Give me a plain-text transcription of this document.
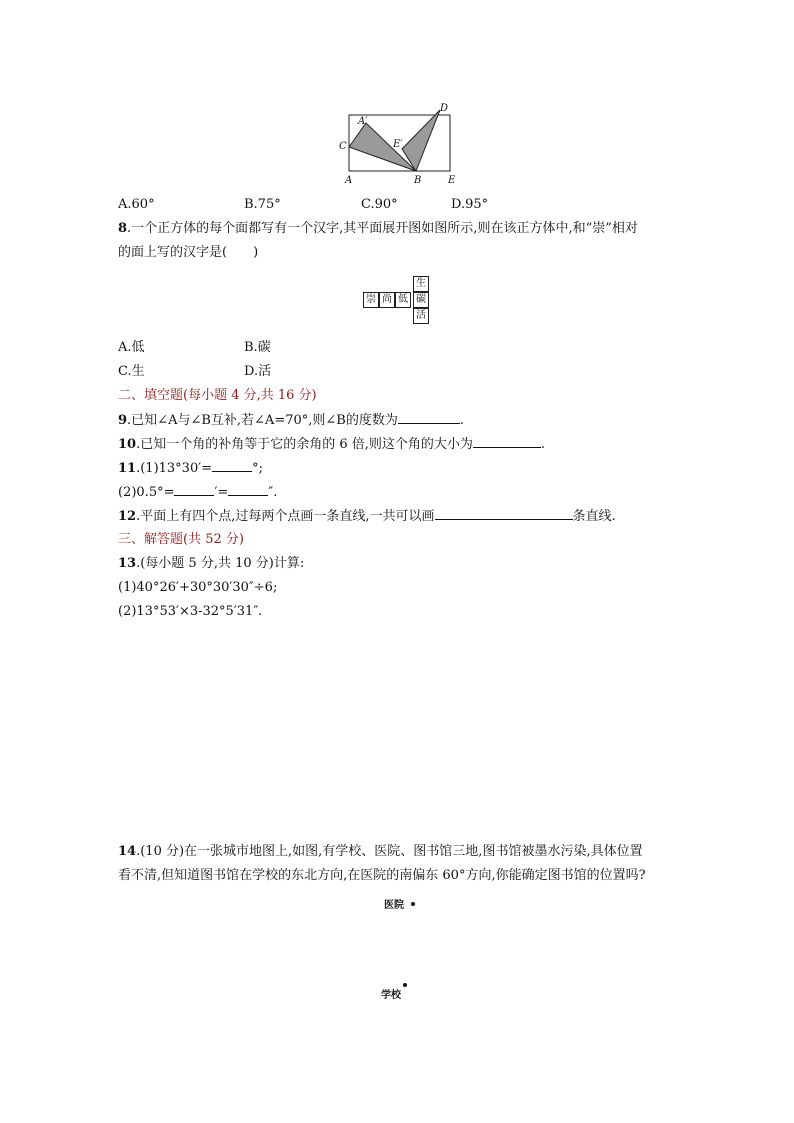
A′
C	E′
D
A	B	E
A.60°	B.75°	C.90°	D.95°
8.一个正方体的每个面都写有一个汉字,其平面展开图如图所示,则在该正方体中,和“崇”相对
的面上写的汉字是(　　)
崇 尚 低
生
碳
活
A.低	B.碳
C.生	D.活
二、填空题(每小题 4 分,共 16 分)
9.已知∠A与∠B互补,若∠A=70°,则∠B的度数为	.
10.已知一个角的补角等于它的余角的 6 倍,则这个角的大小为	.
11.(1)13°30′=	°;
(2)0.5°=	′=	″.
12.平面上有四个点,过每两个点画一条直线,一共可以画	条直线.
三、解答题(共 52 分)
13.(每小题 5 分,共 10 分)计算:
(1)40°26′+30°30′30″÷6;
(2)13°53′×3-32°5′31″.
14.(10 分)在一张城市地图上,如图,有学校、医院、图书馆三地,图书馆被墨水污染,具体位置
看不清,但知道图书馆在学校的东北方向,在医院的南偏东 60°方向,你能确定图书馆的位置吗?
医院
学校
